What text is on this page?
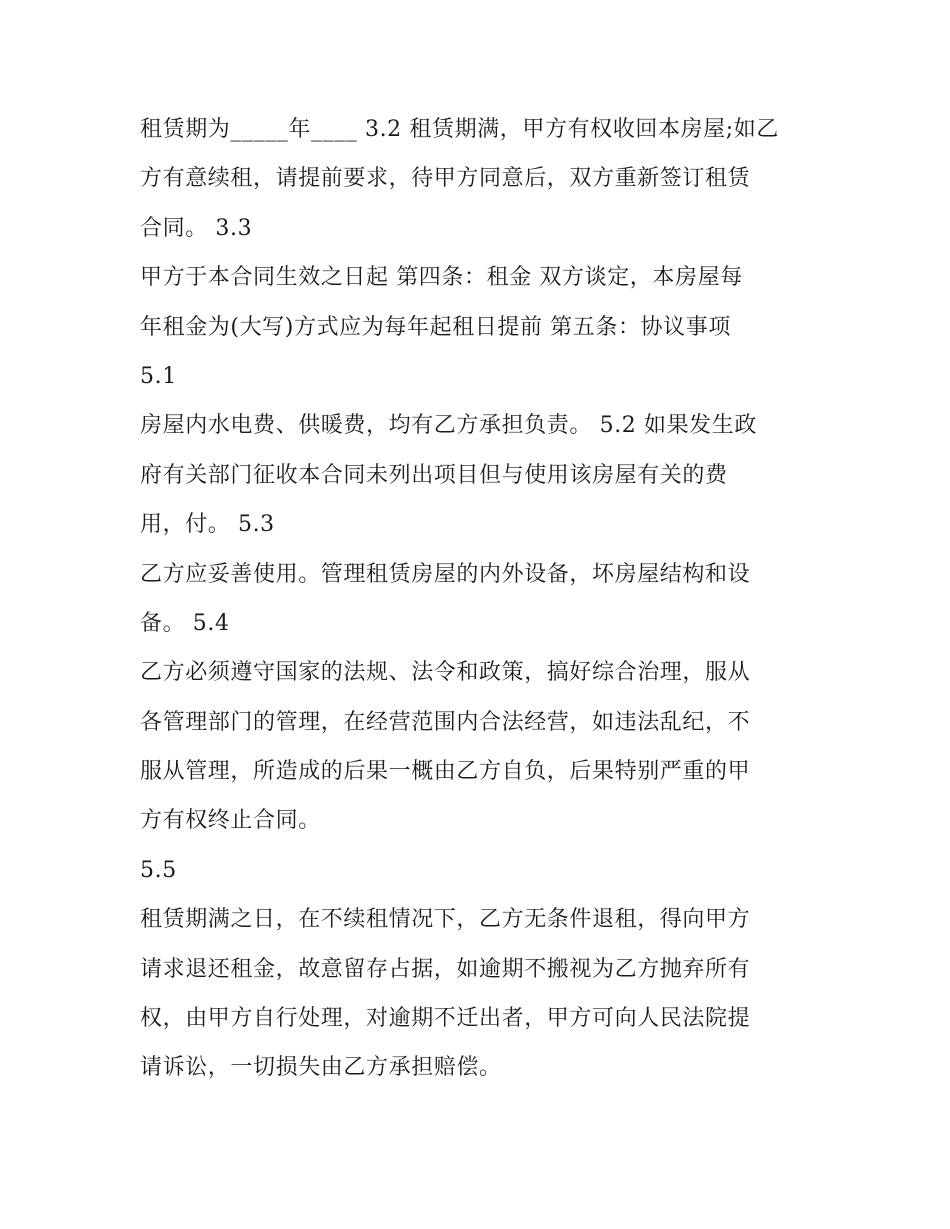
租赁期为_____年____ 3.2 租赁期满，甲方有权收回本房屋;如乙

方有意续租，请提前要求，待甲方同意后，双方重新签订租赁

合同。 3.3

甲方于本合同生效之日起 第四条：租金 双方谈定，本房屋每

年租金为(大写)方式应为每年起租日提前 第五条：协议事项

5.1

房屋内水电费、供暖费，均有乙方承担负责。 5.2 如果发生政

府有关部门征收本合同未列出项目但与使用该房屋有关的费

用，付。 5.3

乙方应妥善使用。管理租赁房屋的内外设备，坏房屋结构和设

备。 5.4

乙方必须遵守国家的法规、法令和政策，搞好综合治理，服从

各管理部门的管理，在经营范围内合法经营，如违法乱纪，不

服从管理，所造成的后果一概由乙方自负，后果特别严重的甲

方有权终止合同。

5.5

租赁期满之日，在不续租情况下，乙方无条件退租，得向甲方

请求退还租金，故意留存占据，如逾期不搬视为乙方抛弃所有

权，由甲方自行处理，对逾期不迁出者，甲方可向人民法院提

请诉讼，一切损失由乙方承担赔偿。
